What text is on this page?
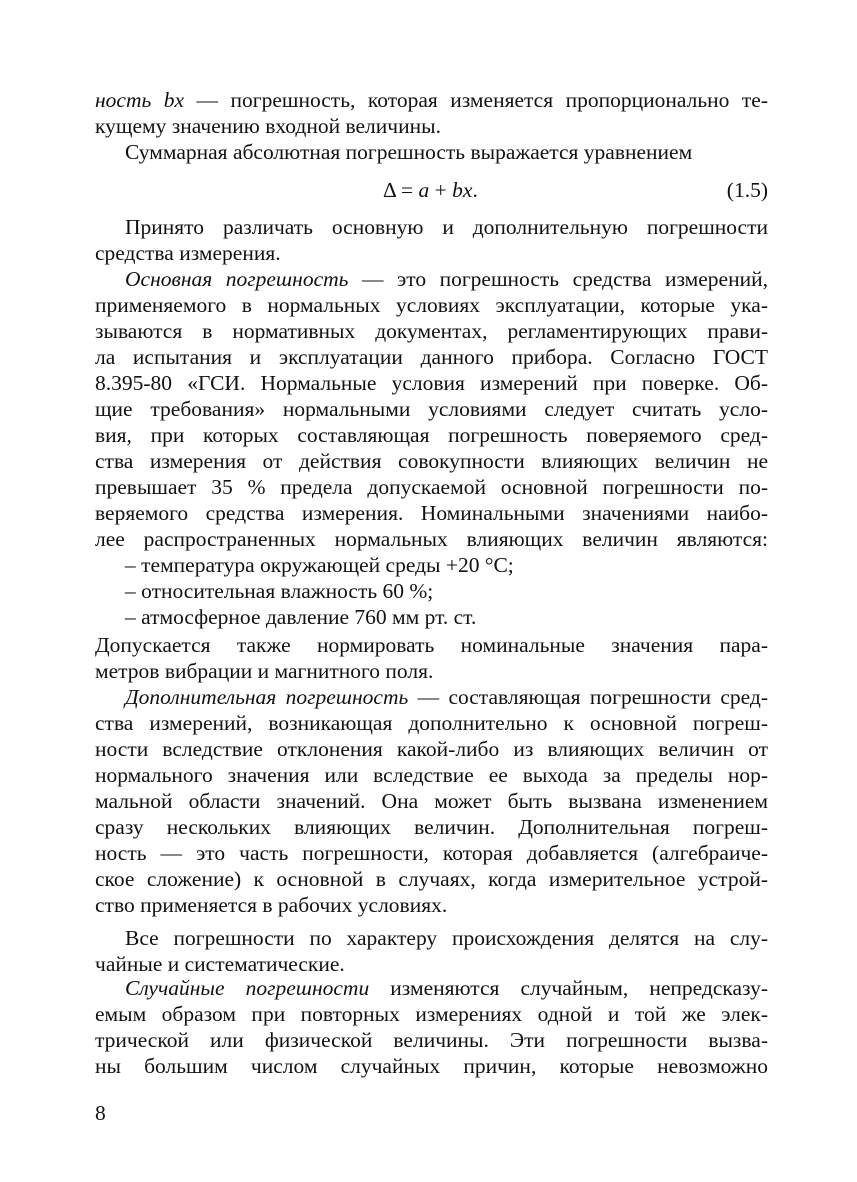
ность bx — погрешность, которая изменяется пропорционально те-
кущему значению входной величины.
Суммарная абсолютная погрешность выражается уравнением
Δ = a + bx.	(1.5)
Принято различать основную и дополнительную погрешности
средства измерения.
Основная погрешность — это погрешность средства измерений,
применяемого в нормальных условиях эксплуатации, которые ука-
зываются в нормативных документах, регламентирующих прави-
ла испытания и эксплуатации данного прибора. Согласно ГОСТ
8.395-80 «ГСИ. Нормальные условия измерений при поверке. Об-
щие требования» нормальными условиями следует считать усло-
вия, при которых составляющая погрешность поверяемого сред-
ства измерения от действия совокупности влияющих величин не
превышает 35 % предела допускаемой основной погрешности по-
веряемого средства измерения. Номинальными значениями наибо-
лее распространенных нормальных влияющих величин являются:
– температура окружающей среды +20 °С;
– относительная влажность 60 %;
– атмосферное давление 760 мм рт. ст.
Допускается также нормировать номинальные значения пара-
метров вибрации и магнитного поля.
Дополнительная погрешность — составляющая погрешности сред-
ства измерений, возникающая дополнительно к основной погреш-
ности вследствие отклонения какой-либо из влияющих величин от
нормального значения или вследствие ее выхода за пределы нор-
мальной области значений. Она может быть вызвана изменением
сразу нескольких влияющих величин. Дополнительная погреш-
ность — это часть погрешности, которая добавляется (алгебраиче-
ское сложение) к основной в случаях, когда измерительное устрой-
ство применяется в рабочих условиях.
Все погрешности по характеру происхождения делятся на слу-
чайные и систематические.
Случайные погрешности изменяются случайным, непредсказу-
емым образом при повторных измерениях одной и той же элек-
трической или физической величины. Эти погрешности вызва-
ны большим числом случайных причин, которые невозможно
8
